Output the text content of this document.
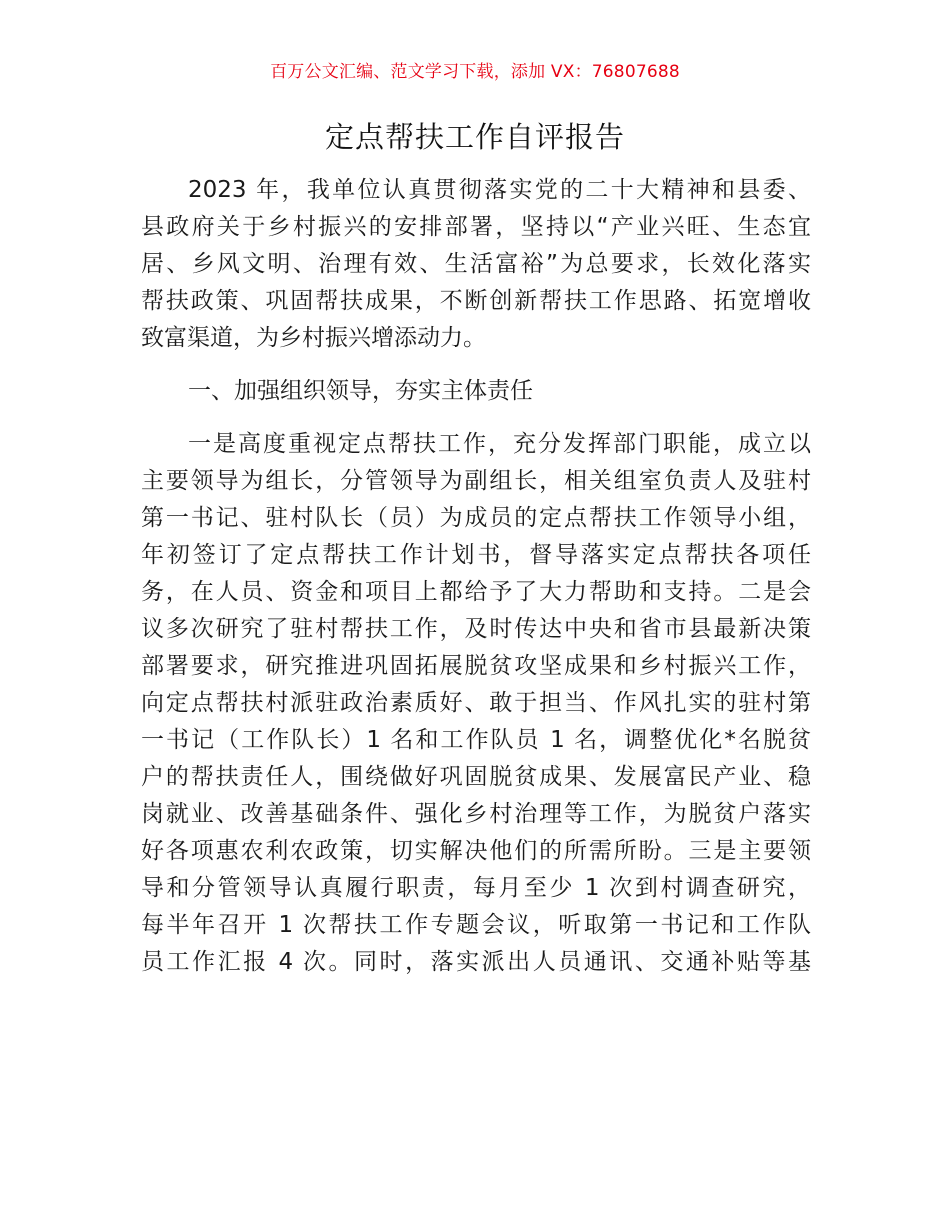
百万公文汇编、范文学习下载，添加 VX：76807688
定点帮扶工作自评报告
2023 年，我单位认真贯彻落实党的二十大精神和县委、
县政府关于乡村振兴的安排部署，坚持以“产业兴旺、生态宜
居、乡风文明、治理有效、生活富裕”为总要求，长效化落实
帮扶政策、巩固帮扶成果，不断创新帮扶工作思路、拓宽增收
致富渠道，为乡村振兴增添动力。
一、加强组织领导，夯实主体责任
一是高度重视定点帮扶工作，充分发挥部门职能，成立以
主要领导为组长，分管领导为副组长，相关组室负责人及驻村
第一书记、驻村队长（员）为成员的定点帮扶工作领导小组，
年初签订了定点帮扶工作计划书，督导落实定点帮扶各项任
务，在人员、资金和项目上都给予了大力帮助和支持。二是会
议多次研究了驻村帮扶工作，及时传达中央和省市县最新决策
部署要求，研究推进巩固拓展脱贫攻坚成果和乡村振兴工作，
向定点帮扶村派驻政治素质好、敢于担当、作风扎实的驻村第
一书记（工作队长）1 名和工作队员 1 名，调整优化*名脱贫
户的帮扶责任人，围绕做好巩固脱贫成果、发展富民产业、稳
岗就业、改善基础条件、强化乡村治理等工作，为脱贫户落实
好各项惠农利农政策，切实解决他们的所需所盼。三是主要领
导和分管领导认真履行职责，每月至少 1 次到村调查研究，
每半年召开 1 次帮扶工作专题会议，听取第一书记和工作队
员工作汇报 4 次。同时，落实派出人员通讯、交通补贴等基
